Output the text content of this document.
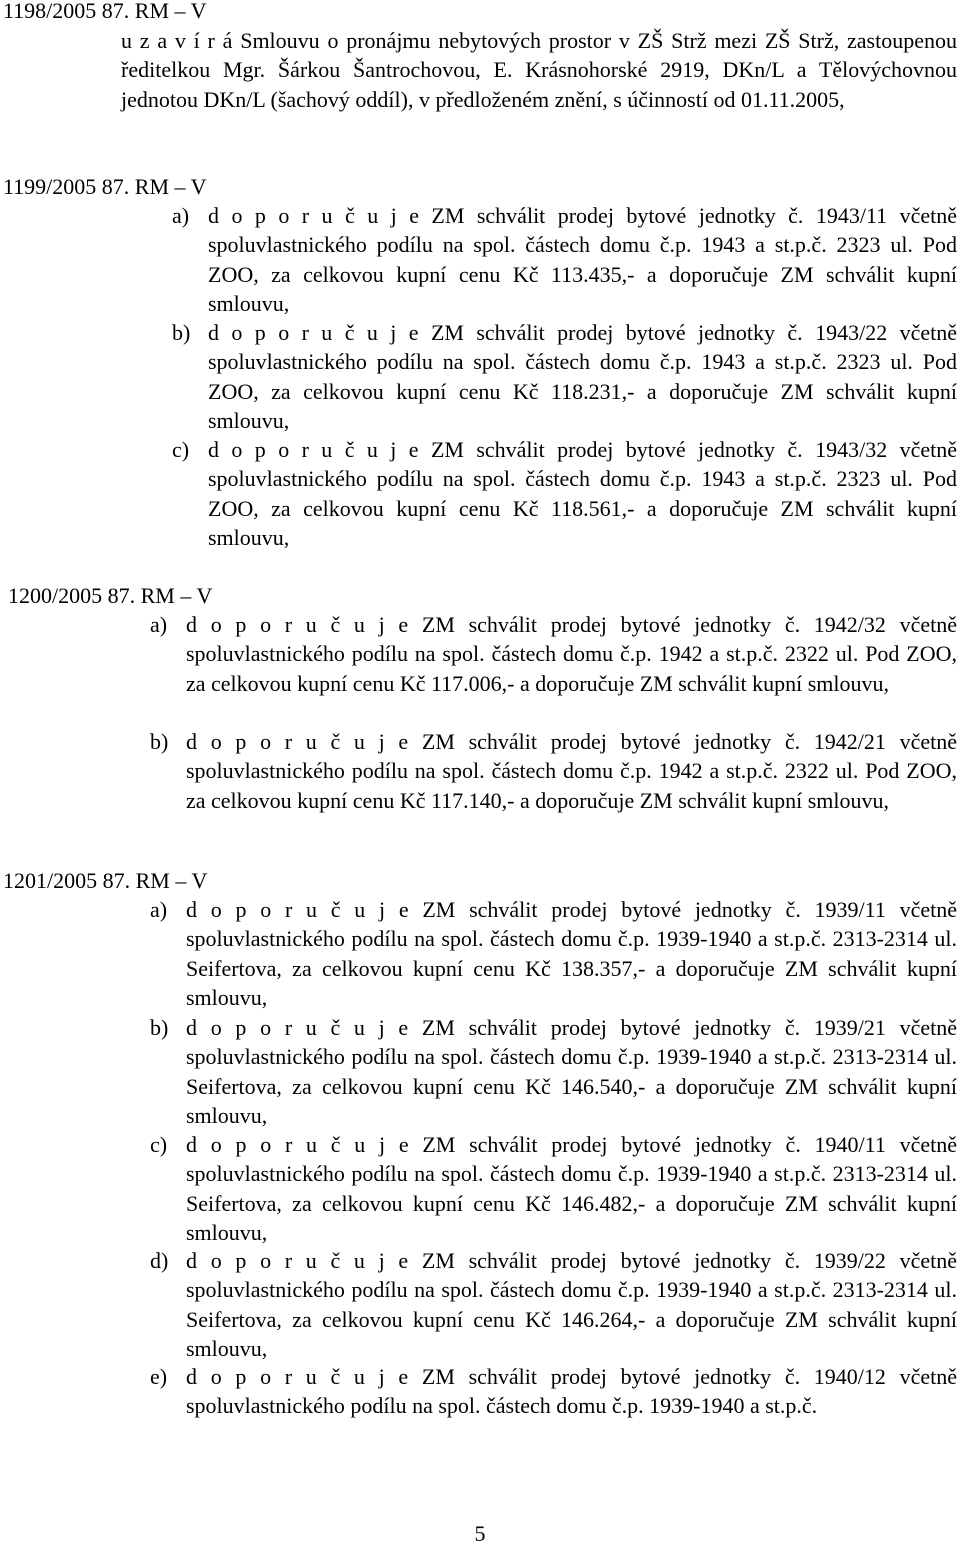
1198/2005 87. RM – V
u z a v í r á Smlouvu o pronájmu nebytových prostor v ZŠ Strž mezi ZŠ Strž, zastoupenou ředitelkou Mgr. Šárkou Šantrochovou, E. Krásnohorské 2919, DKn/L a Tělovýchovnou jednotou DKn/L (šachový oddíl), v předloženém znění, s účinností od 01.11.2005,
1199/2005 87. RM – V
a) d o p o r u č u j e ZM schválit prodej bytové jednotky č. 1943/11 včetně spoluvlastnického podílu na spol. částech domu č.p. 1943 a st.p.č. 2323 ul. Pod ZOO, za celkovou kupní cenu Kč 113.435,- a doporučuje ZM schválit kupní smlouvu,
b) d o p o r u č u j e ZM schválit prodej bytové jednotky č. 1943/22 včetně spoluvlastnického podílu na spol. částech domu č.p. 1943 a st.p.č. 2323 ul. Pod ZOO, za celkovou kupní cenu Kč 118.231,- a doporučuje ZM schválit kupní smlouvu,
c) d o p o r u č u j e ZM schválit prodej bytové jednotky č. 1943/32 včetně spoluvlastnického podílu na spol. částech domu č.p. 1943 a st.p.č. 2323 ul. Pod ZOO, za celkovou kupní cenu Kč 118.561,- a doporučuje ZM schválit kupní smlouvu,
1200/2005 87. RM – V
a) d o p o r u č u j e ZM schválit prodej bytové jednotky č. 1942/32 včetně spoluvlastnického podílu na spol. částech domu č.p. 1942 a st.p.č. 2322 ul. Pod ZOO, za celkovou kupní cenu Kč 117.006,- a doporučuje ZM schválit kupní smlouvu,
b) d o p o r u č u j e ZM schválit prodej bytové jednotky č. 1942/21 včetně spoluvlastnického podílu na spol. částech domu č.p. 1942 a st.p.č. 2322 ul. Pod ZOO, za celkovou kupní cenu Kč 117.140,- a doporučuje ZM schválit kupní smlouvu,
1201/2005 87. RM – V
a) d o p o r u č u j e ZM schválit prodej bytové jednotky č. 1939/11 včetně spoluvlastnického podílu na spol. částech domu č.p. 1939-1940 a st.p.č. 2313-2314 ul. Seifertova, za celkovou kupní cenu Kč 138.357,- a doporučuje ZM schválit kupní smlouvu,
b) d o p o r u č u j e ZM schválit prodej bytové jednotky č. 1939/21 včetně spoluvlastnického podílu na spol. částech domu č.p. 1939-1940 a st.p.č. 2313-2314 ul. Seifertova, za celkovou kupní cenu Kč 146.540,- a doporučuje ZM schválit kupní smlouvu,
c) d o p o r u č u j e ZM schválit prodej bytové jednotky č. 1940/11 včetně spoluvlastnického podílu na spol. částech domu č.p. 1939-1940 a st.p.č. 2313-2314 ul. Seifertova, za celkovou kupní cenu Kč 146.482,- a doporučuje ZM schválit kupní smlouvu,
d) d o p o r u č u j e ZM schválit prodej bytové jednotky č. 1939/22 včetně spoluvlastnického podílu na spol. částech domu č.p. 1939-1940 a st.p.č. 2313-2314 ul. Seifertova, za celkovou kupní cenu Kč 146.264,- a doporučuje ZM schválit kupní smlouvu,
e) d o p o r u č u j e ZM schválit prodej bytové jednotky č. 1940/12 včetně spoluvlastnického podílu na spol. částech domu č.p. 1939-1940 a st.p.č.
5
